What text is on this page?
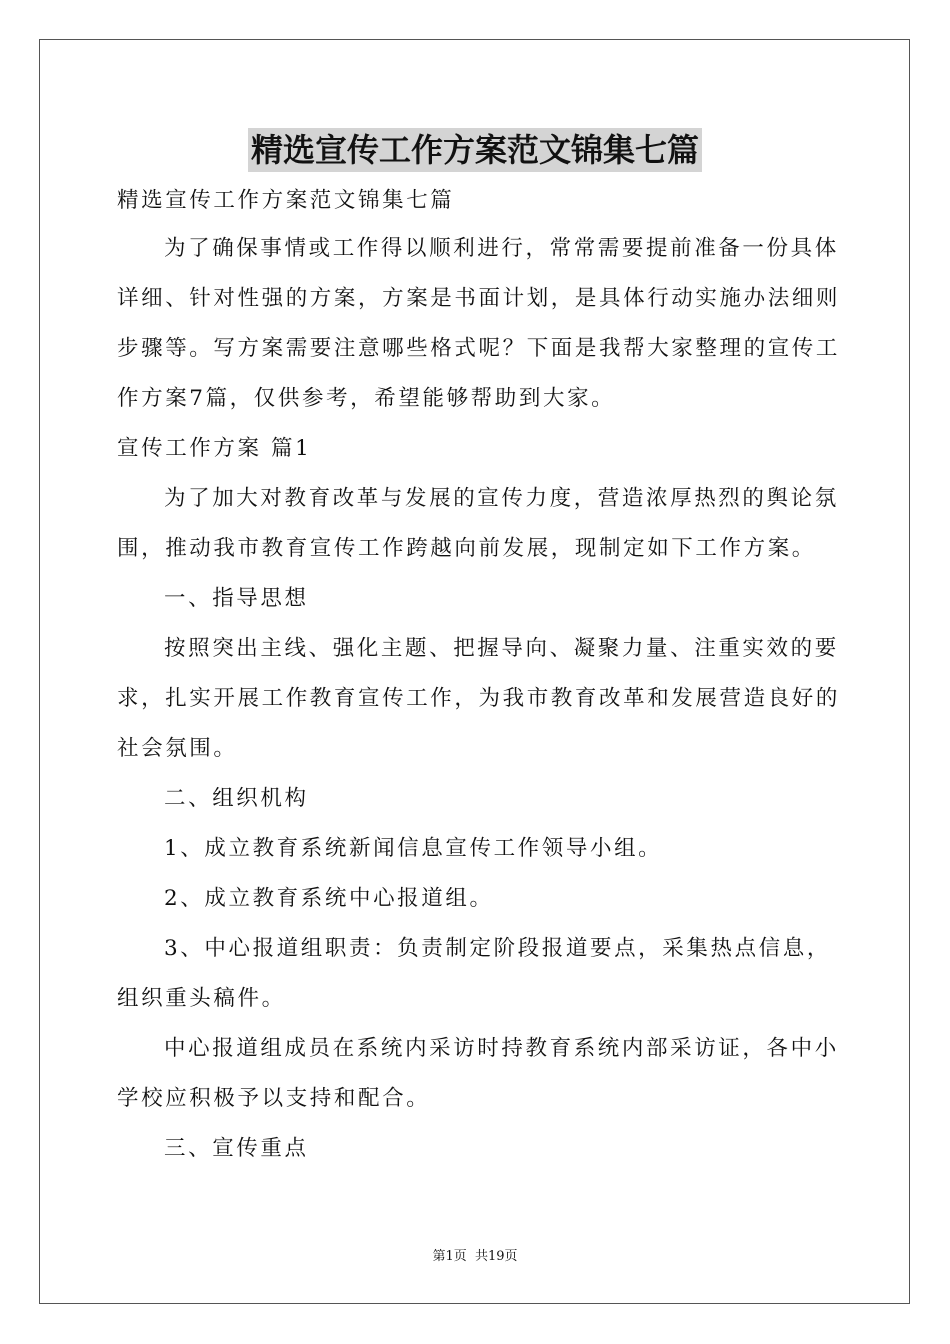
精选宣传工作方案范文锦集七篇
精选宣传工作方案范文锦集七篇
为了确保事情或工作得以顺利进行，常常需要提前准备一份具体
详细、针对性强的方案，方案是书面计划，是具体行动实施办法细则
步骤等。写方案需要注意哪些格式呢？下面是我帮大家整理的宣传工
作方案7篇，仅供参考，希望能够帮助到大家。
宣传工作方案 篇1
为了加大对教育改革与发展的宣传力度，营造浓厚热烈的舆论氛
围，推动我市教育宣传工作跨越向前发展，现制定如下工作方案。
一、指导思想
按照突出主线、强化主题、把握导向、凝聚力量、注重实效的要
求，扎实开展工作教育宣传工作，为我市教育改革和发展营造良好的
社会氛围。
二、组织机构
1、成立教育系统新闻信息宣传工作领导小组。
2、成立教育系统中心报道组。
3、中心报道组职责：负责制定阶段报道要点，采集热点信息，
组织重头稿件。
中心报道组成员在系统内采访时持教育系统内部采访证，各中小
学校应积极予以支持和配合。
三、宣传重点
第1页 共19页
